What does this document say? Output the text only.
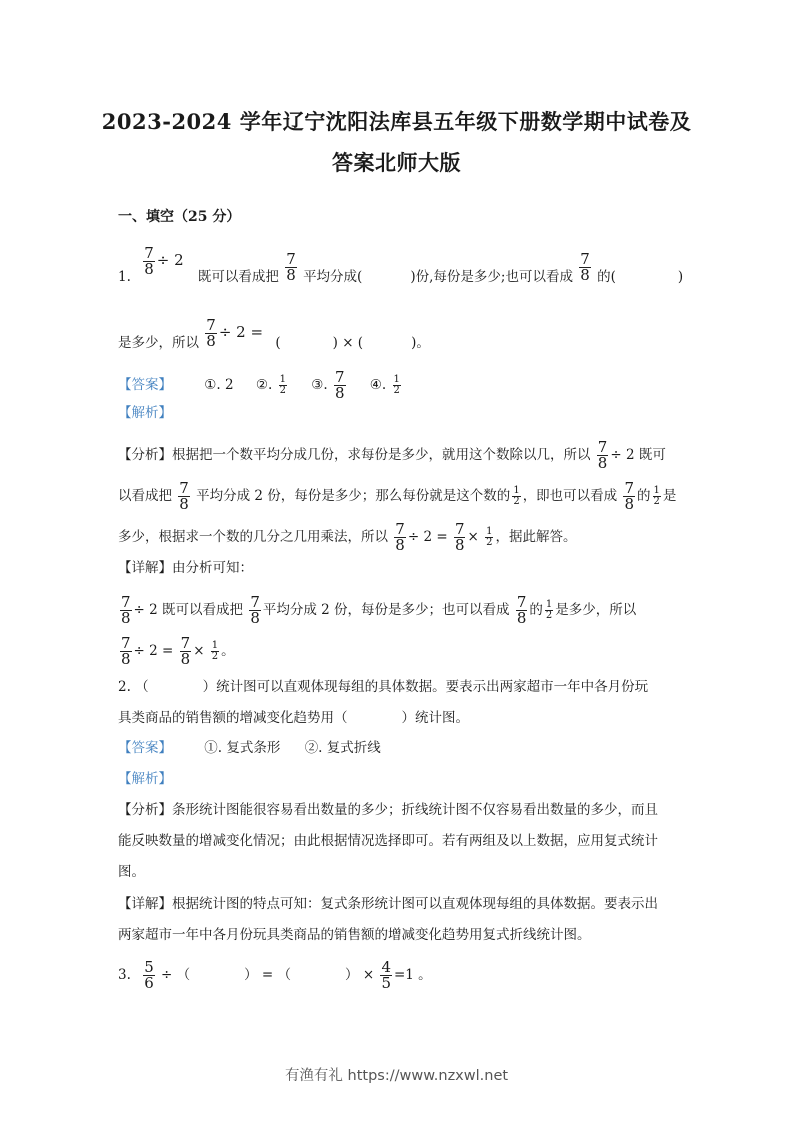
2023-2024 学年辽宁沈阳法库县五年级下册数学期中试卷及
答案北师大版
一、填空（25 分）
1. $\frac{7}{8} \div 2$ 既可以看成把 $\frac{7}{8}$ 平均分成(	)份,每份是多少;也可以看成 $\frac{7}{8}$ 的(	)
是多少，所以 $\frac{7}{8} \div 2$ = (	) × (	)。
【答案】 ①. 2 ②. $\frac{1}{2}$ ③. $\frac{7}{8}$ ④. $\frac{1}{2}$
【解析】
【分析】根据把一个数平均分成几份，求每份是多少，就用这个数除以几，所以 $\frac{7}{8} \div 2$ 既可
以看成把 $\frac{7}{8}$ 平均分成 2 份，每份是多少；那么每份就是这个数的 $\frac{1}{2}$ ，即也可以看成 $\frac{7}{8}$ 的 $\frac{1}{2}$ 是
多少，根据求一个数的几分之几用乘法，所以 $\frac{7}{8} \div 2 = \frac{7}{8} \times \frac{1}{2}$ ，据此解答。
【详解】由分析可知：
$\frac{7}{8} \div 2$ 既可以看成把 $\frac{7}{8}$ 平均分成 2 份，每份是多少；也可以看成 $\frac{7}{8}$ 的 $\frac{1}{2}$ 是多少，所以
$\frac{7}{8} \div 2 = \frac{7}{8} \times \frac{1}{2}$ 。
2. （　　　　）统计图可以直观体现每组的具体数据。要表示出两家超市一年中各月份玩
具类商品的销售额的增减变化趋势用（　　　　）统计图。
【答案】 ①. 复式条形 ②. 复式折线
【解析】
【分析】条形统计图能很容易看出数量的多少；折线统计图不仅容易看出数量的多少，而且
能反映数量的增减变化情况；由此根据情况选择即可。若有两组及以上数据，应用复式统计
图。
【详解】根据统计图的特点可知：复式条形统计图可以直观体现每组的具体数据。要表示出
两家超市一年中各月份玩具类商品的销售额的增减变化趋势用复式折线统计图。
3. $\frac{5}{6}$ ÷ （　　　　） = （　　　　） × $\frac{4}{5} =1$ 。
有渔有礼 https://www.nzxwl.net
